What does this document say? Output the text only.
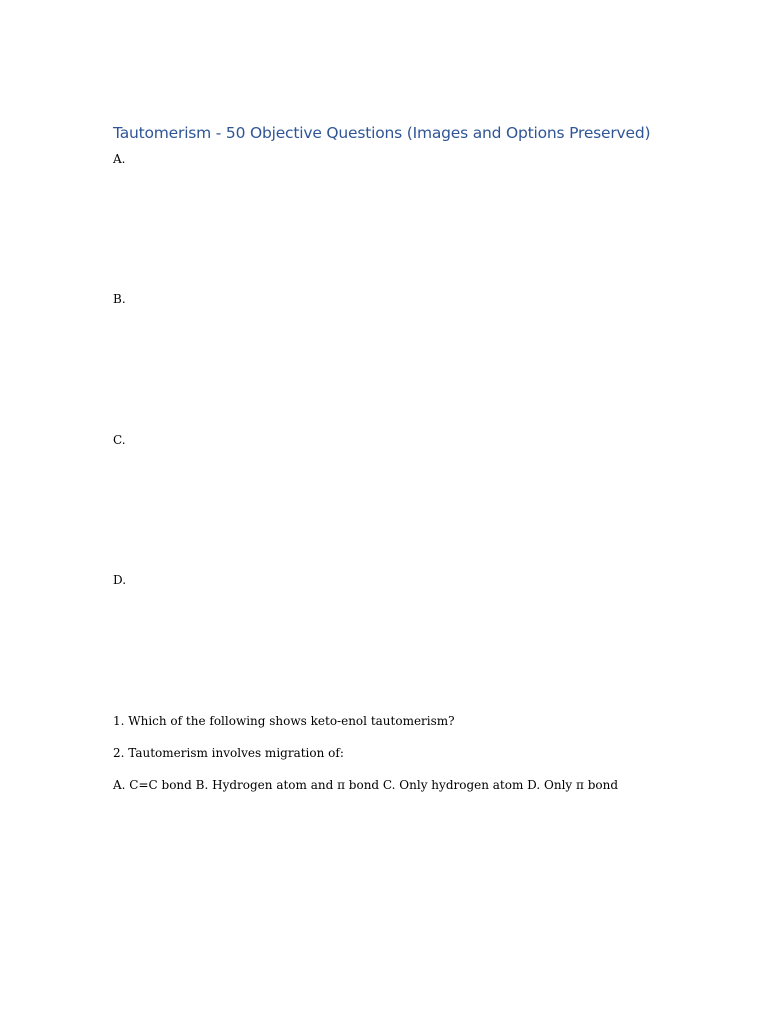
Tautomerism - 50 Objective Questions (Images and Options Preserved)
A.
B.
C.
D.
1. Which of the following shows keto-enol tautomerism?
2. Tautomerism involves migration of:
A. C=C bond B. Hydrogen atom and π bond C. Only hydrogen atom D. Only π bond
